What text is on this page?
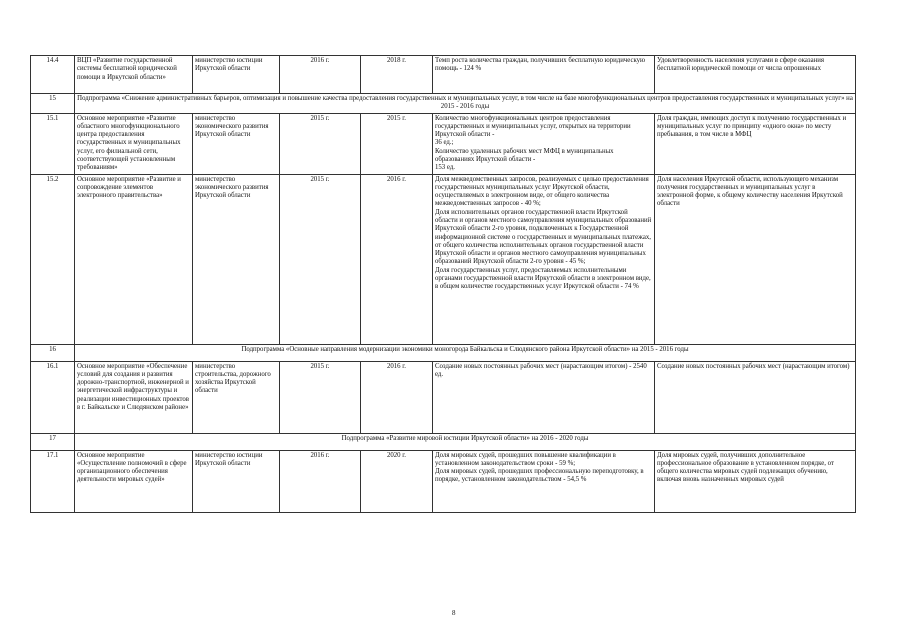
14.4	ВЦП «Развитие государственной системы бесплатной юридической помощи в Иркутской области»	министерство юстиции Иркутской области	2016 г.	2018 г.	Темп роста количества граждан, получивших бесплатную юридическую помощь - 124 %	Удовлетворенность населения услугами в сфере оказания бесплатной юридической помощи от числа опрошенных
15	Подпрограмма «Снижение административных барьеров, оптимизация и повышение качества предоставления государственных и муниципальных услуг, в том числе на базе многофункциональных центров предоставления государственных и муниципальных услуг» на 2015 - 2016 годы					
15.1	Основное мероприятие «Развитие областного многофункционального центра предоставления государственных и муниципальных услуг, его филиальной сети, соответствующей установленным требованиям»	министерство экономического развития Иркутской области	2015 г.	2015 г.	Количество многофункциональных центров предоставления государственных и муниципальных услуг, открытых на территории Иркутской области -
36 ед.;
Количество удаленных рабочих мест МФЦ в муниципальных образованиях Иркутской области -
153 ед.	Доля граждан, имеющих доступ к получению государственных и муниципальных услуг по принципу «одного окна» по месту пребывания, в том числе в МФЦ
15.2	Основное мероприятие «Развитие и сопровождение элементов электронного правительства»	министерство экономического развития Иркутской области	2015 г.	2016 г.	Доля межведомственных запросов, реализуемых с целью предоставления государственных муниципальных услуг Иркутской области, осуществляемых в электронном виде, от общего количества межведомственных запросов - 40 %;
Доля исполнительных органов государственной власти Иркутской области и органов местного самоуправления муниципальных образований Иркутской области 2-го уровня, подключенных к Государственной информационной системе о государственных и муниципальных платежах, от общего количества исполнительных органов государственной власти Иркутской области и органов местного самоуправления муниципальных образований Иркутской области 2-го уровня - 45 %;
Доля государственных услуг, предоставляемых исполнительными органами государственной власти Иркутской области в электронном виде, в общем количестве государственных услуг Иркутской области - 74 %	Доля населения Иркутской области, использующего механизм получения государственных и муниципальных услуг в электронной форме, к общему количеству населения Иркутской области
16	Подпрограмма «Основные направления модернизации экономики моногорода Байкальска и Слюдянского района Иркутской области» на 2015 - 2016 годы					
16.1	Основное мероприятие «Обеспечение условий для создания и развития дорожно-транспортной, инженерной и энергетической инфраструктуры и реализации инвестиционных проектов в г. Байкальске и Слюдянском районе»	министерство строительства, дорожного хозяйства Иркутской области	2015 г.	2016 г.	Создание новых постоянных рабочих мест (нарастающим итогом) - 2540 ед.	Создание новых постоянных рабочих мест (нарастающим итогом)
17	Подпрограмма «Развитие мировой юстиции Иркутской области» на 2016 - 2020 годы					
17.1	Основное мероприятие «Осуществление полномочий в сфере организационного обеспечения деятельности мировых судей»	министерство юстиции Иркутской области	2016 г.	2020 г.	Доля мировых судей, прошедших повышение квалификации в установленном законодательством сроки - 59 %;
Доля мировых судей, прошедших профессиональную переподготовку, в порядке, установленном законодательством - 54,5 %	Доля мировых судей, получивших дополнительное профессиональное образование в установленном порядке, от общего количества мировых судей подлежащих обучению, включая вновь назначенных мировых судей
8
